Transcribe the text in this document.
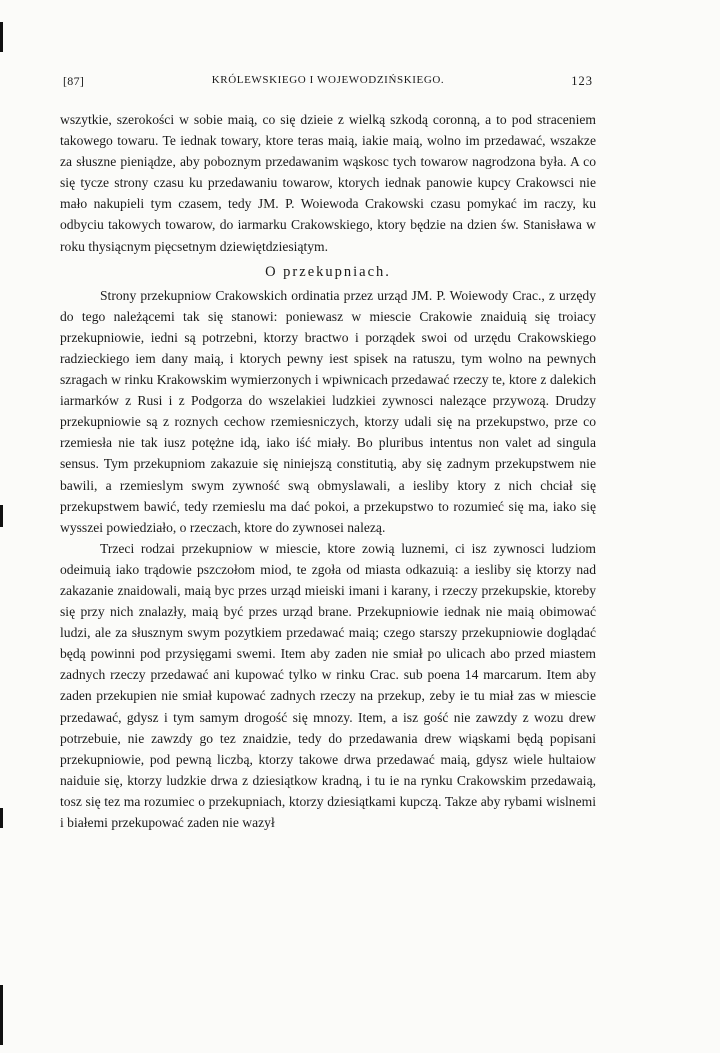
[87]	KRÓLEWSKIEGO I WOJEWODZIŃSKIEGO.	123

wszytkie, szerokości w sobie maią, co się dzieie z wielką szkodą coronną, a to pod straceniem takowego towaru. Te iednak towary, ktore teras maią, iakie maią, wolno im przedawać, wszakze za słuszne pieniądze, aby poboznym przedawanim wąskosc tych towarow nagrodzona była. A co się tycze strony czasu ku przedawaniu towarow, ktorych iednak panowie kupcy Crakowsci nie mało nakupieli tym czasem, tedy JM. P. Woiewoda Crakowski czasu pomykać im raczy, ku odbyciu takowych towarow, do iarmarku Crakowskiego, ktory będzie na dzien św. Stanisława w roku thysiącnym pięcsetnym dziewiętdziesiątym.

O przekupniach.

Strony przekupniow Crakowskich ordinatia przez urząd JM. P. Woiewody Crac., z urzędy do tego należącemi tak się stanowi: poniewasz w miescie Crakowie znaiduią się troiacy przekupniowie, iedni są potrzebni, ktorzy bractwo i porządek swoi od urzędu Crakowskiego radzieckiego iem dany maią, i ktorych pewny iest spisek na ratuszu, tym wolno na pewnych szragach w rinku Krakowskim wymierzonych i wpiwnicach przedawać rzeczy te, ktore z dalekich iarmarków z Rusi i z Podgorza do wszelakiei ludzkiei zywnosci nalezące przywozą. Drudzy przekupniowie są z roznych cechow rzemiesniczych, ktorzy udali się na przekupstwo, prze co rzemiesła nie tak iusz potężne idą, iako iść miały. Bo pluribus intentus non valet ad singula sensus. Tym przekupniom zakazuie się niniejszą constitutią, aby się zadnym przekupstwem nie bawili, a rzemieslym swym zywność swą obmyslawali, a iesliby ktory z nich chciał się przekupstwem bawić, tedy rzemieslu ma dać pokoi, a przekupstwo to rozumieć się ma, iako się wysszei powiedziało, o rzeczach, ktore do zywnosei nalezą.

Trzeci rodzai przekupniow w miescie, ktore zowią luznemi, ci isz zywnosci ludziom odeimuią iako trądowie pszczołom miod, te zgoła od miasta odkazuią: a iesliby się ktorzy nad zakazanie znaidowali, maią byc przes urząd mieiski imani i karany, i rzeczy przekupskie, ktoreby się przy nich znalazły, maią być przes urząd brane. Przekupniowie iednak nie maią obimować ludzi, ale za słusznym swym pozytkiem przedawać maią; czego starszy przekupniowie doglądać będą powinni pod przysięgami swemi. Item aby zaden nie smiał po ulicach abo przed miastem zadnych rzeczy przedawać ani kupować tylko w rinku Crac. sub poena 14 marcarum. Item aby zaden przekupien nie smiał kupować zadnych rzeczy na przekup, zeby ie tu miał zas w miescie przedawać, gdysz i tym samym drogość się mnozy. Item, a isz gość nie zawzdy z wozu drew potrzebuie, nie zawzdy go tez znaidzie, tedy do przedawania drew wiąskami będą popisani przekupniowie, pod pewną liczbą, ktorzy takowe drwa przedawać maią, gdysz wiele hultaiow naiduie się, ktorzy ludzkie drwa z dziesiątkow kradną, i tu ie na rynku Crakowskim przedawaią, tosz się tez ma rozumiec o przekupniach, ktorzy dziesiątkami kupczą. Takze aby rybami wislnemi i białemi przekupować zaden nie wazył
